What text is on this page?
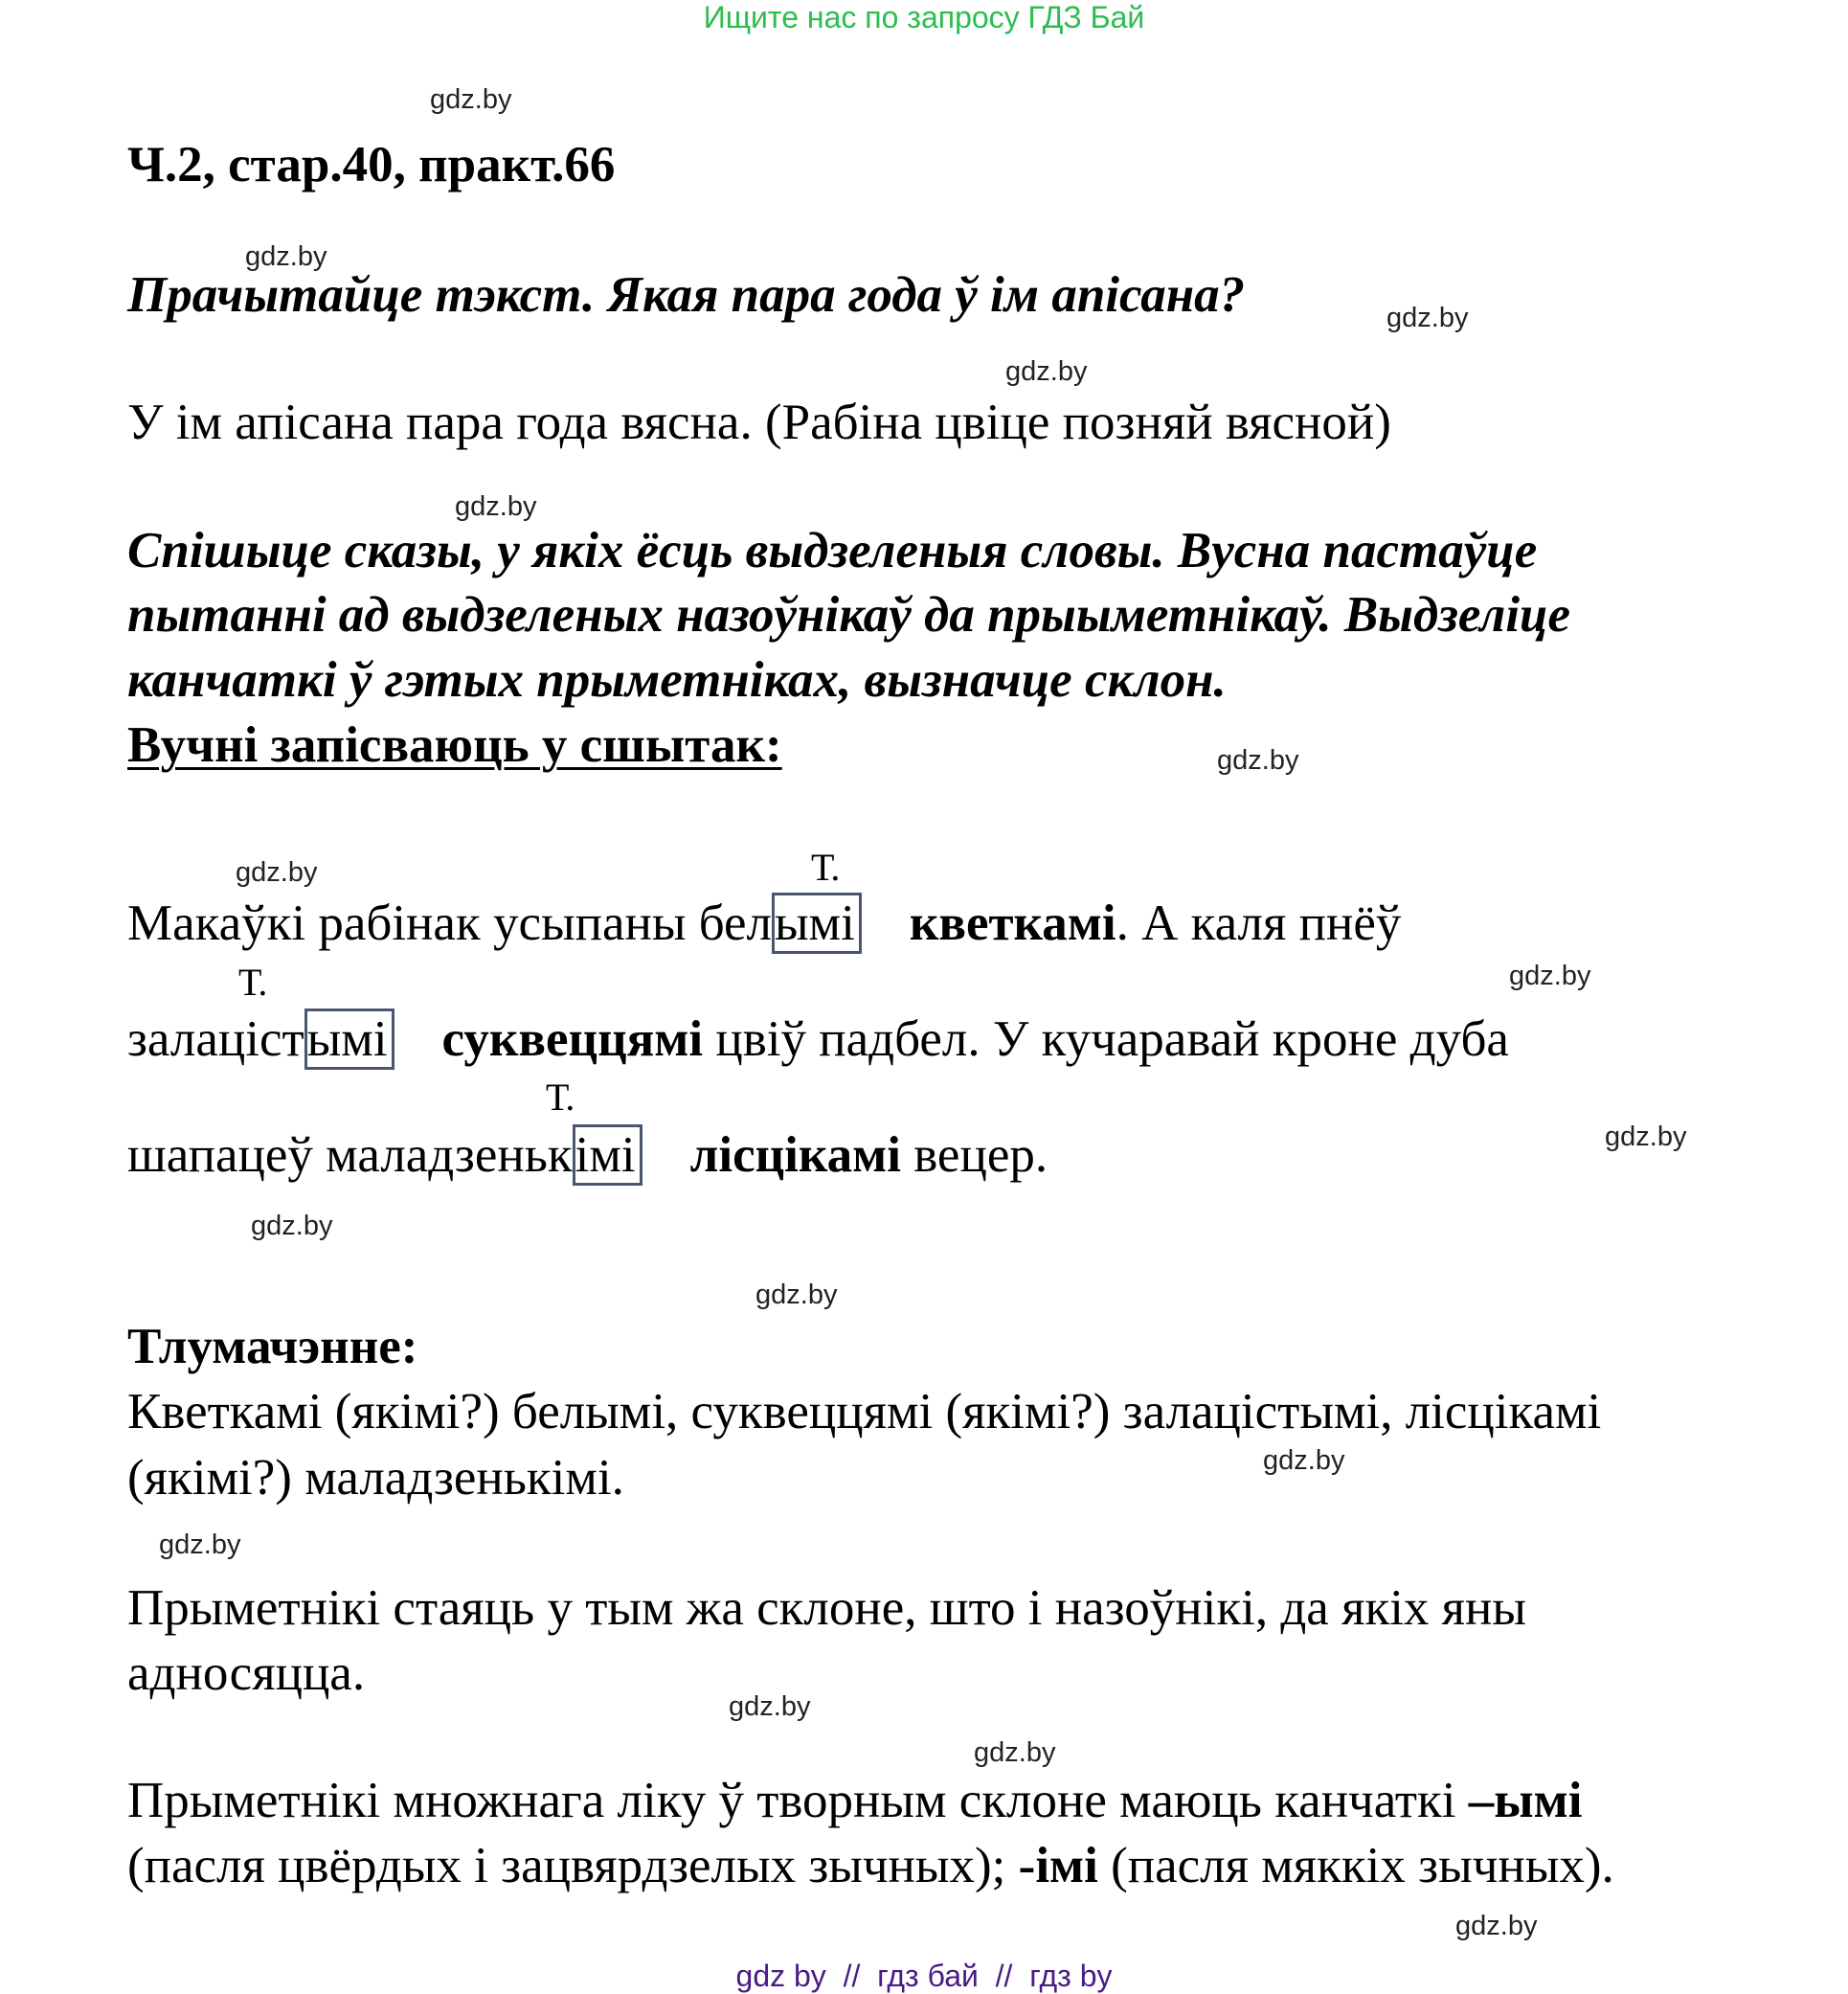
Ищите нас по запросу ГДЗ Бай
gdz.by
Ч.2, стар.40, практ.66
gdz.by
Прачытайце тэкст. Якая пара года ў ім апісана?	gdz.by
gdz.by
У ім апісана пара года вясна. (Рабіна цвіце позняй вясной)
gdz.by
Спішыце сказы, у якіх ёсць выдзеленыя словы. Вусна пастаўце
пытанні ад выдзеленых назоўнікаў да прыыметнікаў. Выдзеліце
канчаткі ў гэтых прыметніках, вызначце склон.
Вучні запісваюць у сшытак:	gdz.by
gdz.by	Т.
Макаўкі рабінак усыпаны белымі кветкамі. А каля пнёў
Т.	gdz.by
залацістымі суквеццямі цвіў падбел. У кучаравай кроне дуба
Т.
gdz.by
шапацеў маладзенькімі лісцікамі вецер.
gdz.by
gdz.by
Тлумачэнне:
Кветкамі (якімі?) белымі, суквеццямі (якімі?) залацістымі, лісцікамі
gdz.by
(якімі?) маладзенькімі.
gdz.by
Прыметнікі стаяць у тым жа склоне, што і назоўнікі, да якіх яны
адносяцца.
gdz.by
gdz.by
Прыметнікі множнага ліку ў творным склоне маюць канчаткі –ымі
(пасля цвёрдых і зацвярдзелых зычных); -імі (пасля мяккіх зычных).
gdz.by
gdz by  //  гдз бай  //  гдз by
